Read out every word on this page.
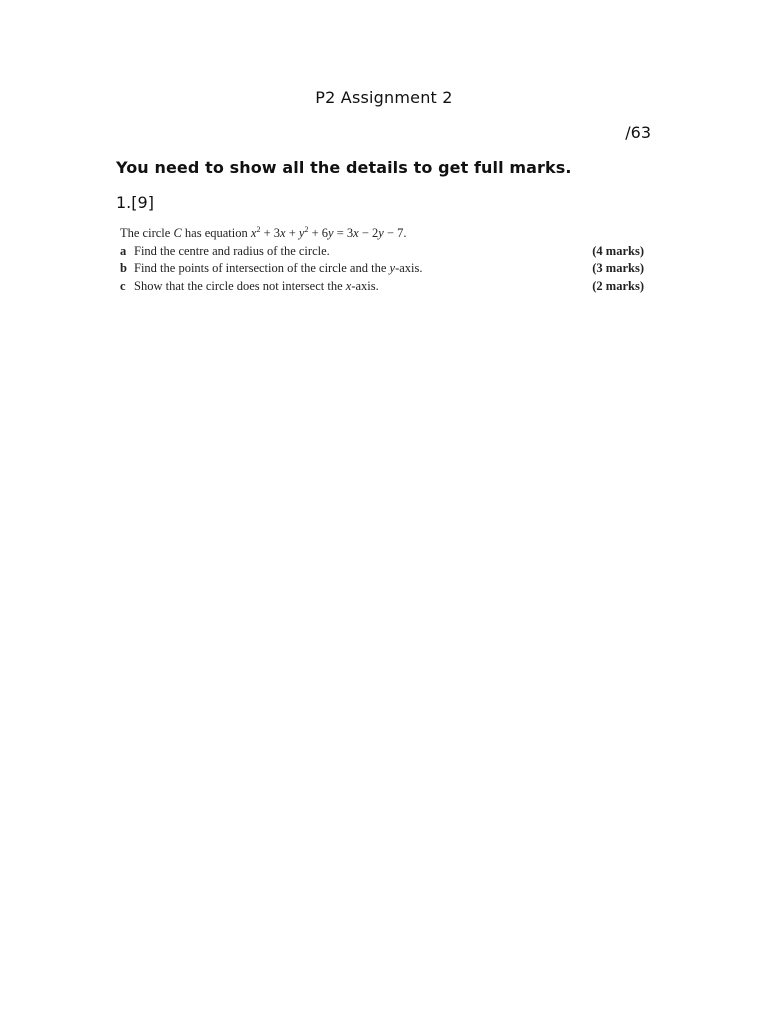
P2 Assignment 2
/63
You need to show all the details to get full marks.
1.[9]
The circle C has equation $x^2 + 3x + y^2 + 6y = 3x - 2y - 7$.
a Find the centre and radius of the circle.	(4 marks)
b Find the points of intersection of the circle and the y-axis.	(3 marks)
c Show that the circle does not intersect the x-axis.	(2 marks)
